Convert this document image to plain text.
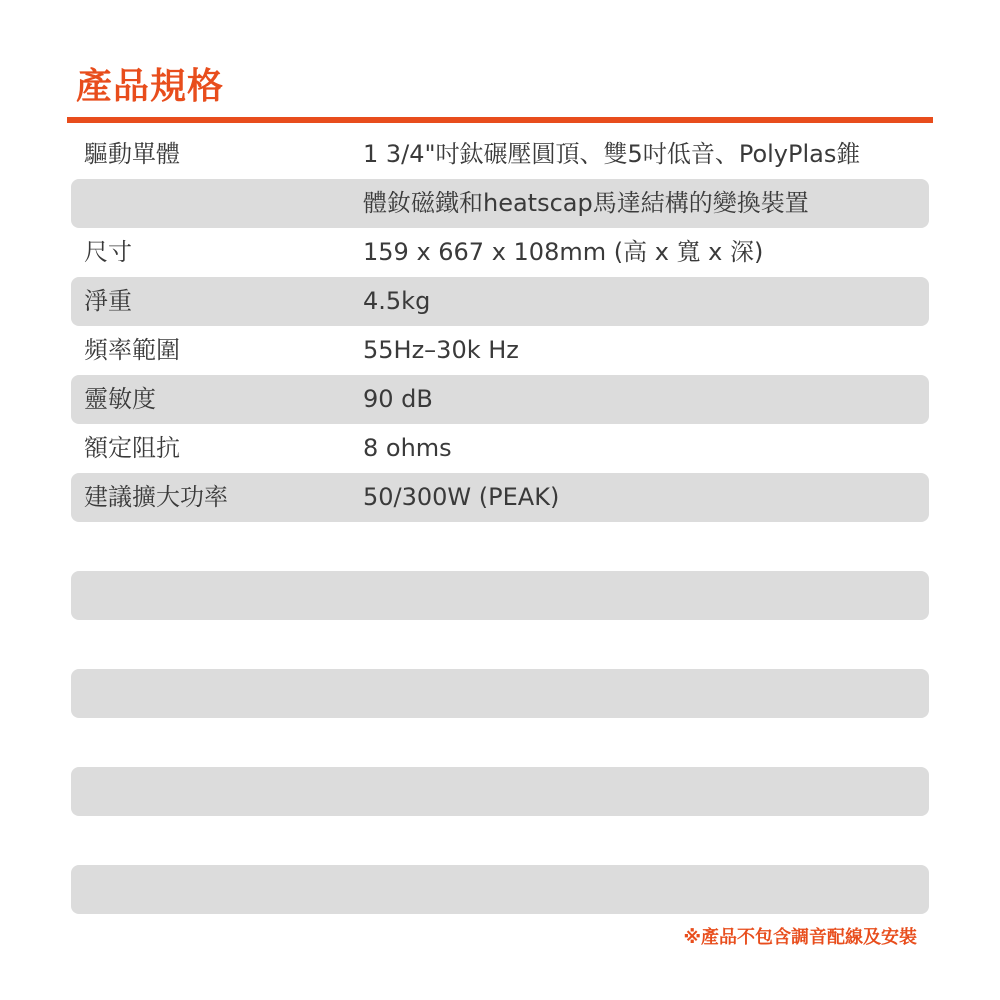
產品規格
驅動單體	1 3/4"吋鈦碾壓圓頂、雙5吋低音、PolyPlas錐
體釹磁鐵和heatscap馬達結構的變換裝置
尺寸	159 x 667 x 108mm (高 x 寬 x 深)
淨重	4.5kg
頻率範圍	55Hz–30k Hz
靈敏度	90 dB
額定阻抗	8 ohms
建議擴大功率	50/300W (PEAK)
※產品不包含調音配線及安裝
